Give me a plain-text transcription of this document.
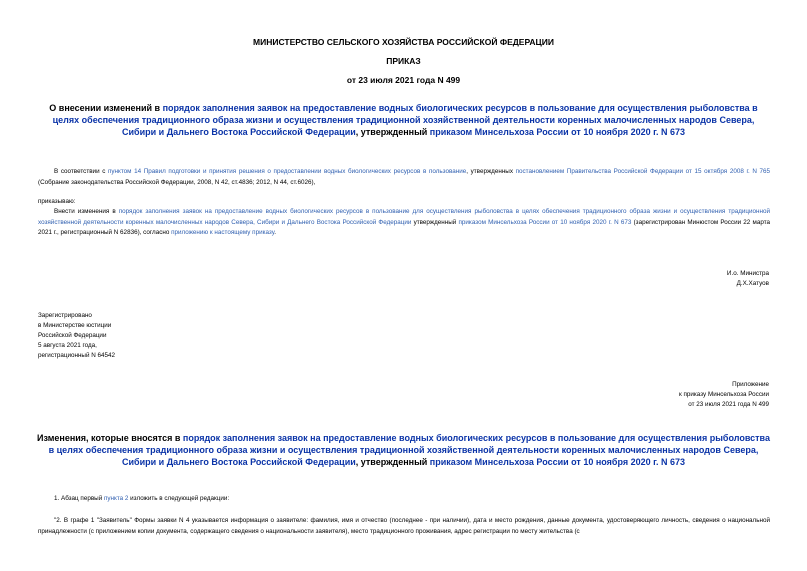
МИНИСТЕРСТВО СЕЛЬСКОГО ХОЗЯЙСТВА РОССИЙСКОЙ ФЕДЕРАЦИИ
ПРИКАЗ
от 23 июля 2021 года N 499
О внесении изменений в порядок заполнения заявок на предоставление водных биологических ресурсов в пользование для осуществления рыболовства в целях обеспечения традиционного образа жизни и осуществления традиционной хозяйственной деятельности коренных малочисленных народов Севера, Сибири и Дальнего Востока Российской Федерации, утвержденный приказом Минсельхоза России от 10 ноября 2020 г. N 673
В соответствии с пунктом 14 Правил подготовки и принятия решения о предоставлении водных биологических ресурсов в пользование, утвержденных постановлением Правительства Российской Федерации от 15 октября 2008 г. N 765 (Собрание законодательства Российской Федерации, 2008, N 42, ст.4836; 2012, N 44, ст.6026),
приказываю:
Внести изменения в порядок заполнения заявок на предоставление водных биологических ресурсов в пользование для осуществления рыболовства в целях обеспечения традиционного образа жизни и осуществления традиционной хозяйственной деятельности коренных малочисленных народов Севера, Сибири и Дальнего Востока Российской Федерации утвержденный приказом Минсельхоза России от 10 ноября 2020 г. N 673 (зарегистрирован Минюстом России 22 марта 2021 г., регистрационный N 62836), согласно приложению к настоящему приказу.
И.о. Министра
Д.Х.Хатуов
Зарегистрировано
в Министерстве юстиции
Российской Федерации
5 августа 2021 года,
регистрационный N 64542
Приложение
к приказу Минсельхоза России
от 23 июля 2021 года N 499
Изменения, которые вносятся в порядок заполнения заявок на предоставление водных биологических ресурсов в пользование для осуществления рыболовства в целях обеспечения традиционного образа жизни и осуществления традиционной хозяйственной деятельности коренных малочисленных народов Севера, Сибири и Дальнего Востока Российской Федерации, утвержденный приказом Минсельхоза России от 10 ноября 2020 г. N 673
1. Абзац первый пункта 2 изложить в следующей редакции:
"2. В графе 1 "Заявитель" Формы заявки N 4 указывается информация о заявителе: фамилия, имя и отчество (последнее - при наличии), дата и место рождения, данные документа, удостоверяющего личность, сведения о национальной принадлежности (с приложением копии документа, содержащего сведения о национальности заявителя), место традиционного проживания, адрес регистрации по месту жительства (с
